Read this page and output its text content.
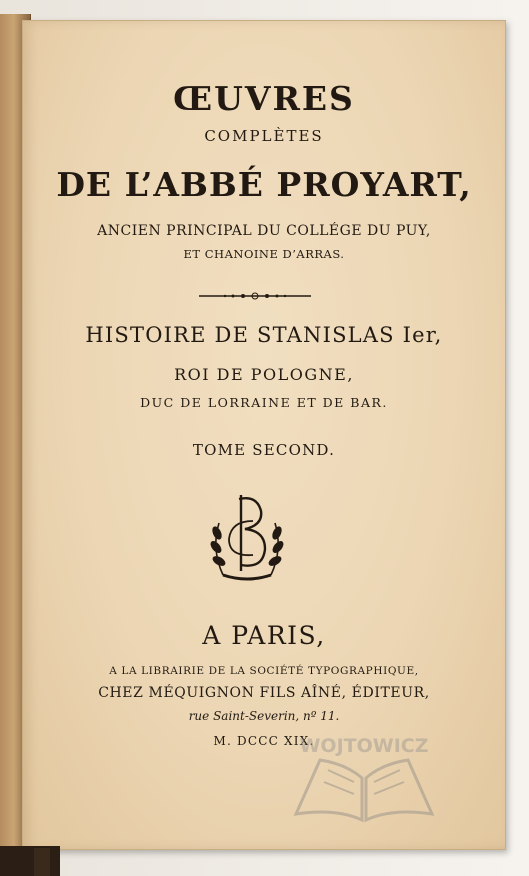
ŒUVRES
COMPLÈTES
DE L’ABBÉ PROYART,
ANCIEN PRINCIPAL DU COLLÉGE DU PUY,
ET CHANOINE D’ARRAS.
HISTOIRE DE STANISLAS Ier,
ROI DE POLOGNE,
DUC DE LORRAINE ET DE BAR.
TOME SECOND.
A PARIS,
A LA LIBRAIRIE DE LA SOCIÉTÉ TYPOGRAPHIQUE,
CHEZ MÉQUIGNON FILS AÎNÉ, ÉDITEUR,
rue Saint-Severin, nº 11.
M. DCCC XIX.
WOJTOWICZ
